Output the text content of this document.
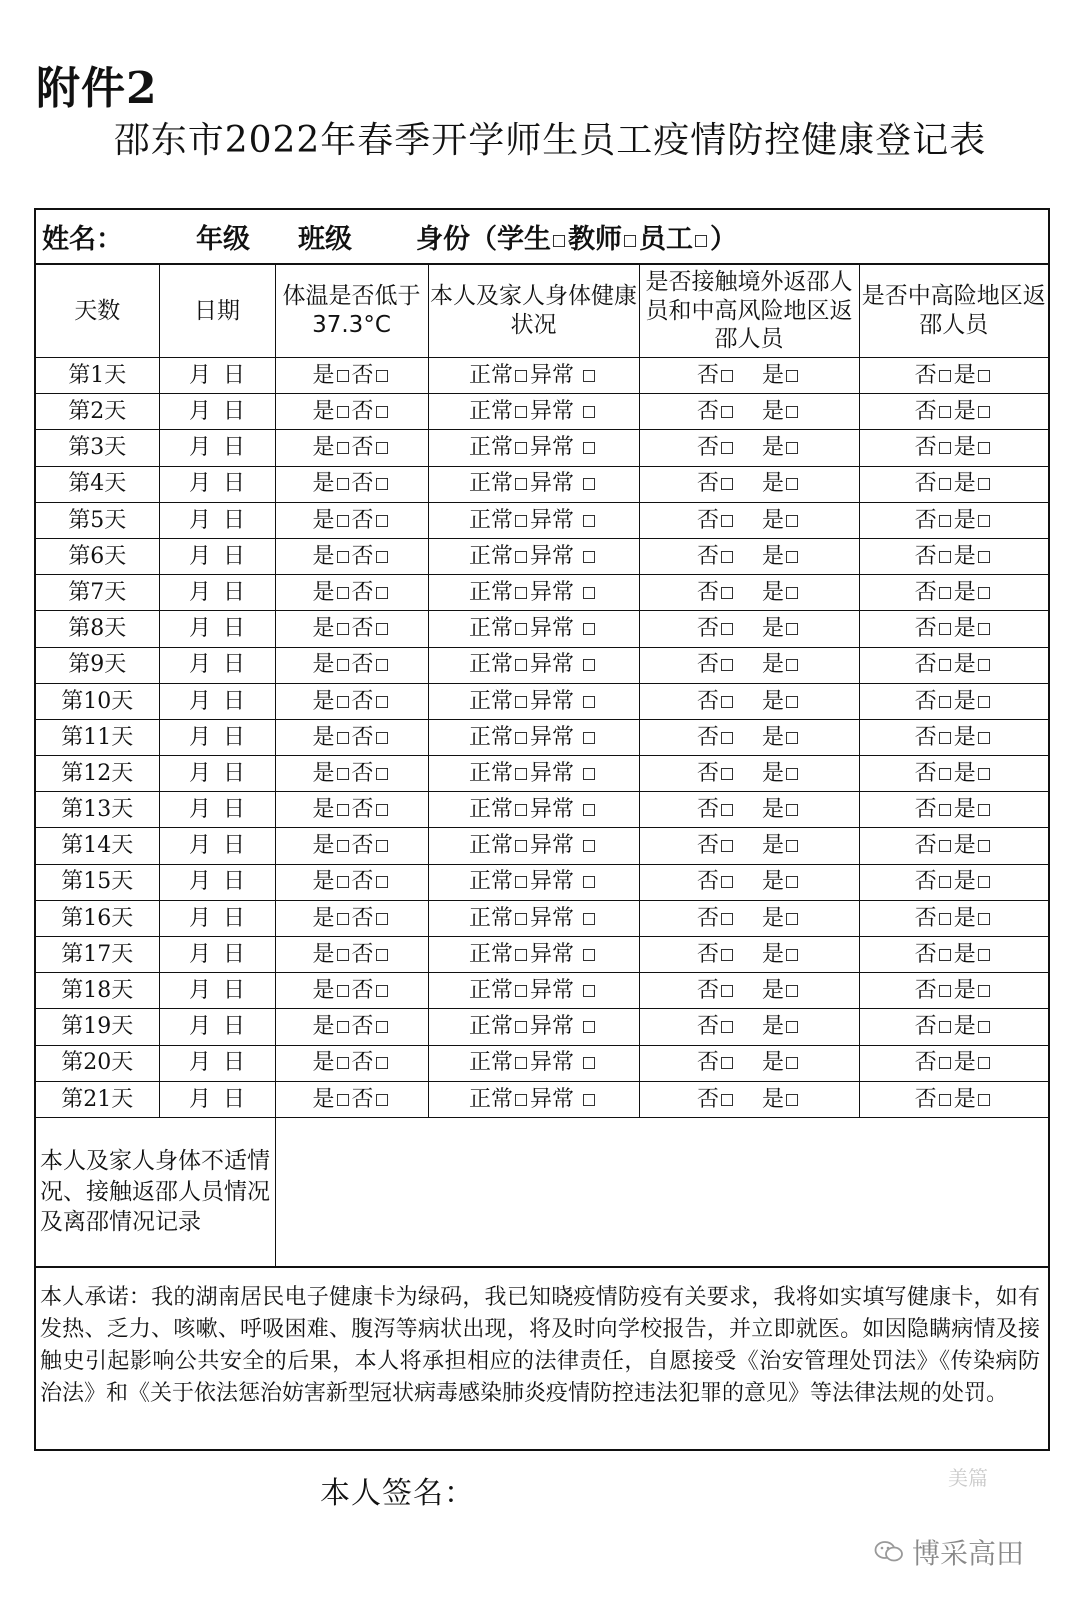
附件2
邵东市2022年春季开学师生员工疫情防控健康登记表
姓名：	年级	班级	身份（学生 教师 员工 ）
天数	日期	体温是否低于37.3°C	本人及家人身体健康状况	是否接触境外返邵人员和中高风险地区返邵人员	是否中高险地区返邵人员
第1天	月 日	是 否	正常 异常	否 是	否 是
第2天	月 日	是 否	正常 异常	否 是	否 是
第3天	月 日	是 否	正常 异常	否 是	否 是
第4天	月 日	是 否	正常 异常	否 是	否 是
第5天	月 日	是 否	正常 异常	否 是	否 是
第6天	月 日	是 否	正常 异常	否 是	否 是
第7天	月 日	是 否	正常 异常	否 是	否 是
第8天	月 日	是 否	正常 异常	否 是	否 是
第9天	月 日	是 否	正常 异常	否 是	否 是
第10天	月 日	是 否	正常 异常	否 是	否 是
第11天	月 日	是 否	正常 异常	否 是	否 是
第12天	月 日	是 否	正常 异常	否 是	否 是
第13天	月 日	是 否	正常 异常	否 是	否 是
第14天	月 日	是 否	正常 异常	否 是	否 是
第15天	月 日	是 否	正常 异常	否 是	否 是
第16天	月 日	是 否	正常 异常	否 是	否 是
第17天	月 日	是 否	正常 异常	否 是	否 是
第18天	月 日	是 否	正常 异常	否 是	否 是
第19天	月 日	是 否	正常 异常	否 是	否 是
第20天	月 日	是 否	正常 异常	否 是	否 是
第21天	月 日	是 否	正常 异常	否 是	否 是
本人及家人身体不适情况、接触返邵人员情况及离邵情况记录					
本人承诺：我的湖南居民电子健康卡为绿码，我已知晓疫情防疫有关要求，我将如实填写健康卡，如有发热、乏力、咳嗽、呼吸困难、腹泻等病状出现，将及时向学校报告，并立即就医。如因隐瞒病情及接触史引起影响公共安全的后果，本人将承担相应的法律责任，自愿接受《治安管理处罚法》《传染病防治法》和《关于依法惩治妨害新型冠状病毒感染肺炎疫情防控违法犯罪的意见》等法律法规的处罚。
本人签名：	美篇
博采高田
